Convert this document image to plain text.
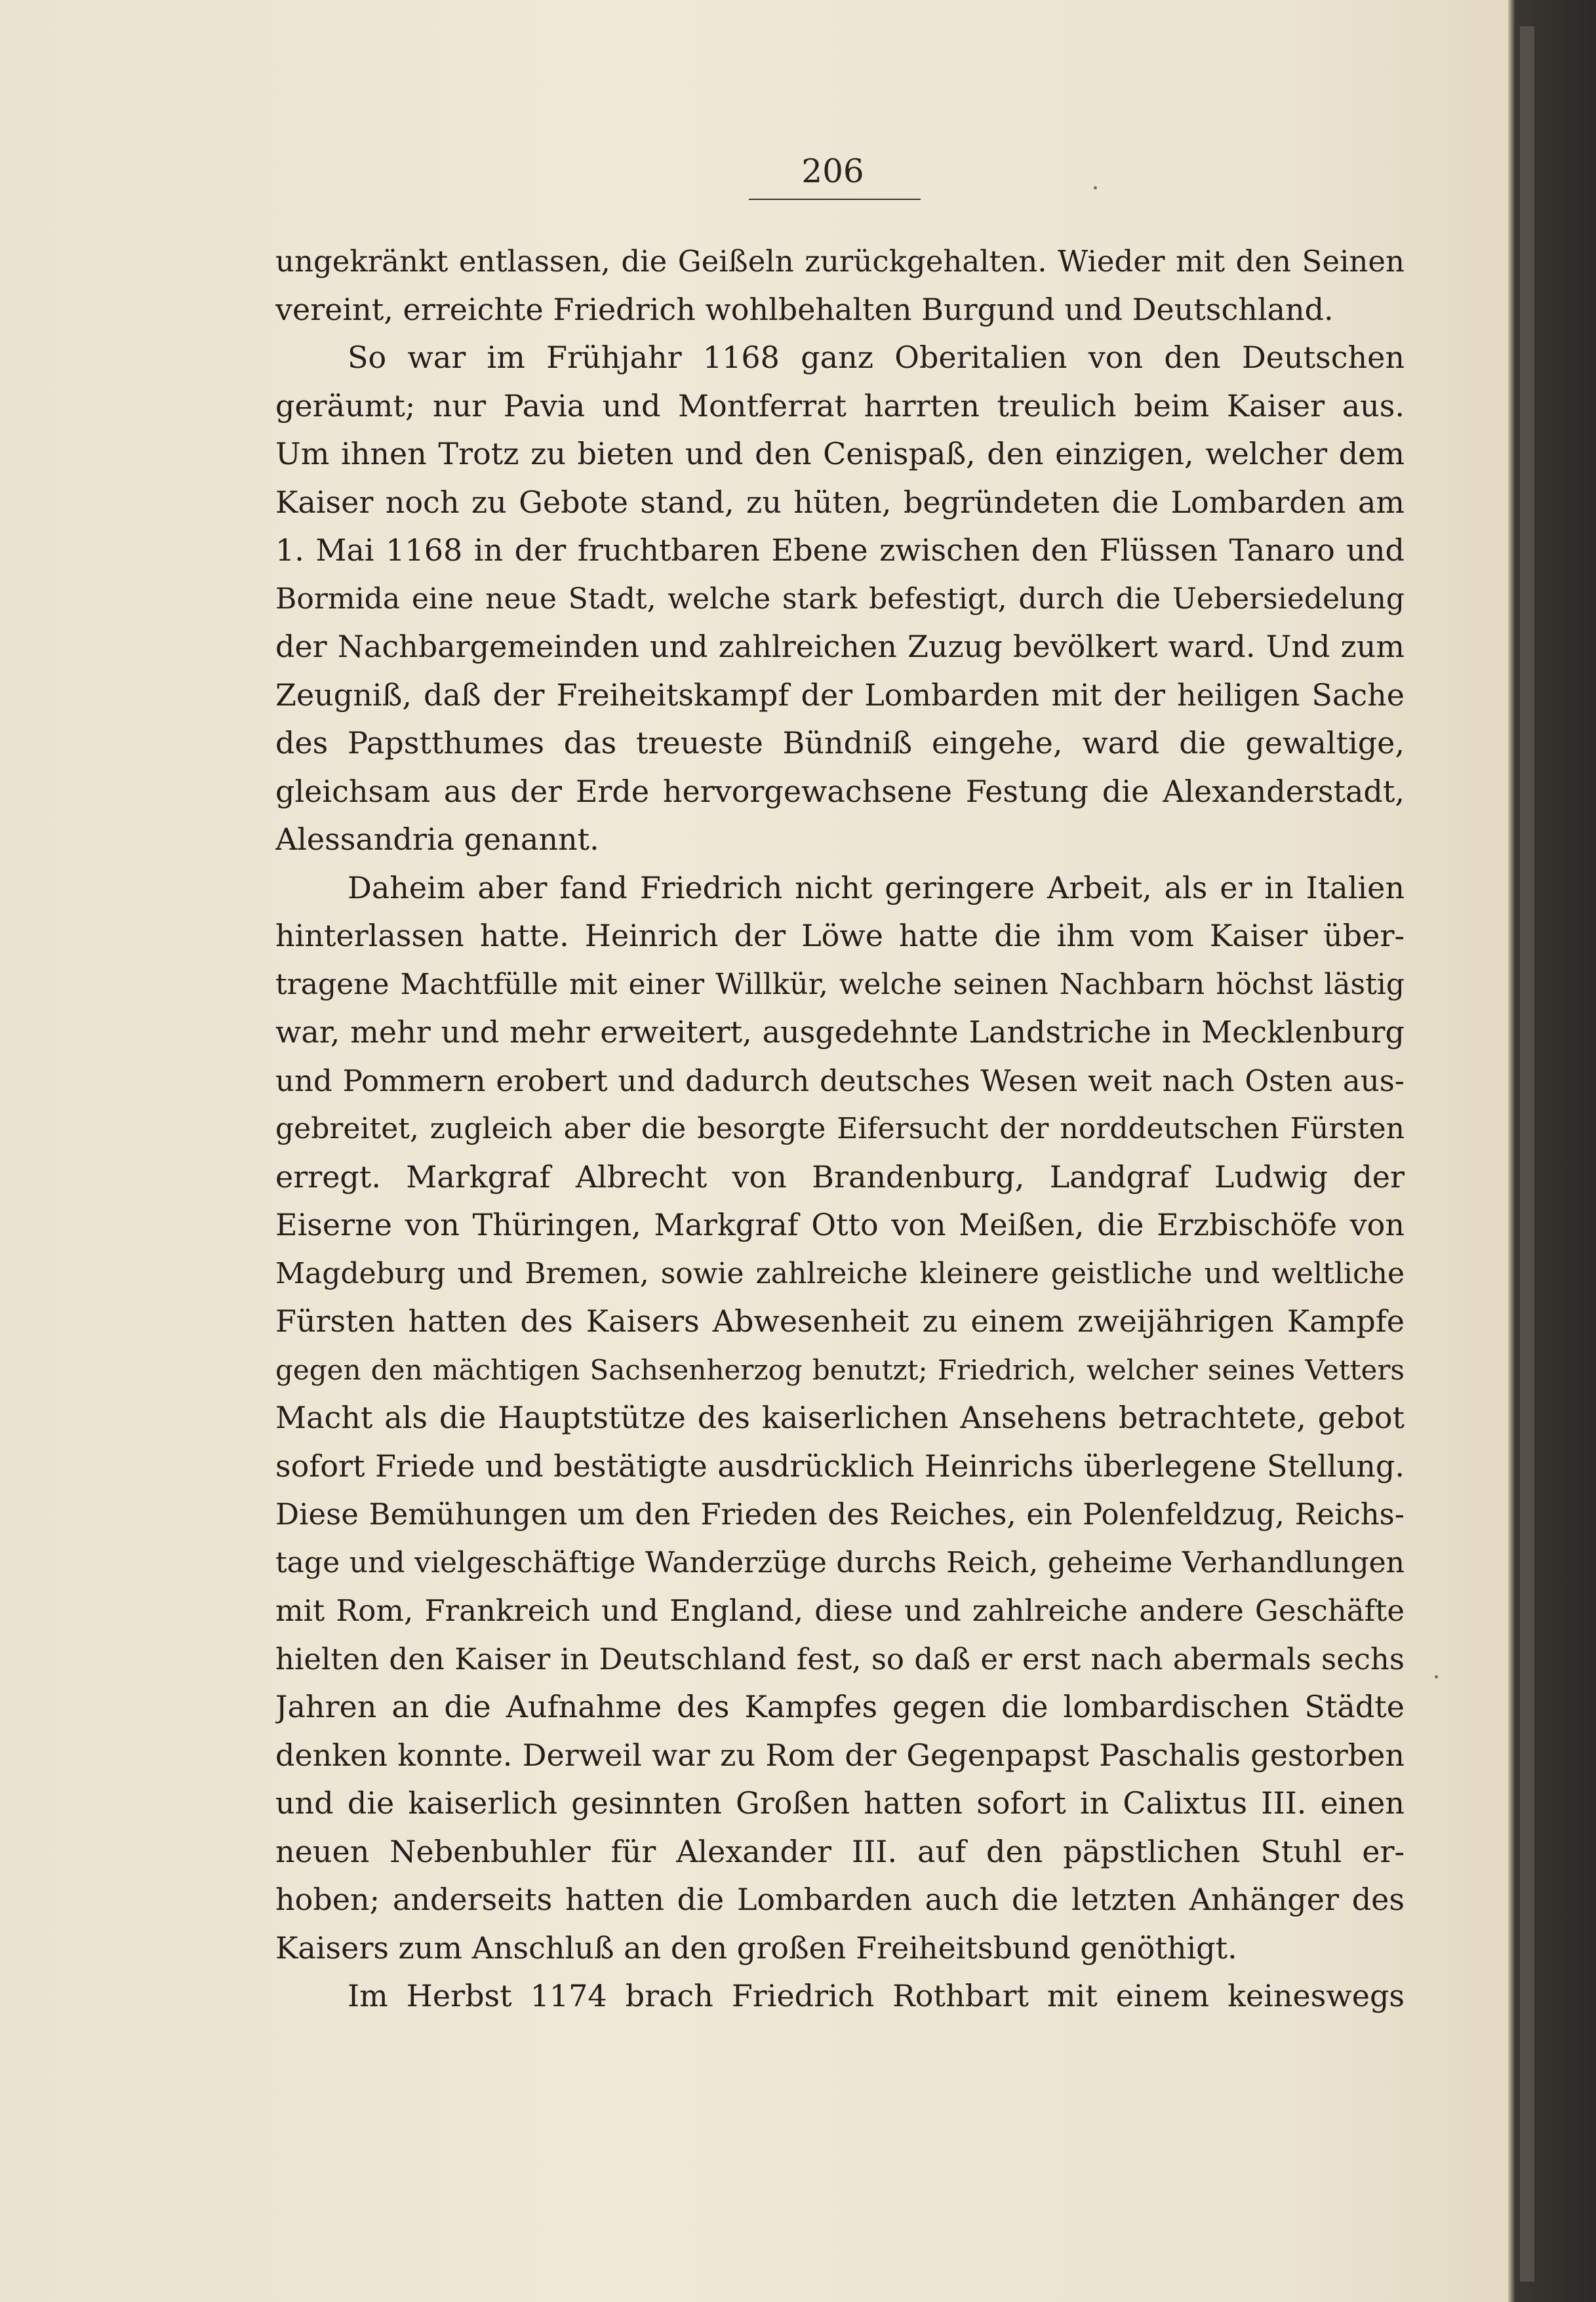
206
ungekränkt entlassen, die Geißeln zurückgehalten. Wieder mit den Seinen
vereint, erreichte Friedrich wohlbehalten Burgund und Deutschland.
So war im Frühjahr 1168 ganz Oberitalien von den Deutschen
geräumt; nur Pavia und Montferrat harrten treulich beim Kaiser aus.
Um ihnen Trotz zu bieten und den Cenispaß, den einzigen, welcher dem
Kaiser noch zu Gebote stand, zu hüten, begründeten die Lombarden am
1. Mai 1168 in der fruchtbaren Ebene zwischen den Flüssen Tanaro und
Bormida eine neue Stadt, welche stark befestigt, durch die Uebersiedelung
der Nachbargemeinden und zahlreichen Zuzug bevölkert ward. Und zum
Zeugniß, daß der Freiheitskampf der Lombarden mit der heiligen Sache
des Papstthumes das treueste Bündniß eingehe, ward die gewaltige,
gleichsam aus der Erde hervorgewachsene Festung die Alexanderstadt,
Alessandria genannt.
Daheim aber fand Friedrich nicht geringere Arbeit, als er in Italien
hinterlassen hatte. Heinrich der Löwe hatte die ihm vom Kaiser über-
tragene Machtfülle mit einer Willkür, welche seinen Nachbarn höchst lästig
war, mehr und mehr erweitert, ausgedehnte Landstriche in Mecklenburg
und Pommern erobert und dadurch deutsches Wesen weit nach Osten aus-
gebreitet, zugleich aber die besorgte Eifersucht der norddeutschen Fürsten
erregt. Markgraf Albrecht von Brandenburg, Landgraf Ludwig der
Eiserne von Thüringen, Markgraf Otto von Meißen, die Erzbischöfe von
Magdeburg und Bremen, sowie zahlreiche kleinere geistliche und weltliche
Fürsten hatten des Kaisers Abwesenheit zu einem zweijährigen Kampfe
gegen den mächtigen Sachsenherzog benutzt; Friedrich, welcher seines Vetters
Macht als die Hauptstütze des kaiserlichen Ansehens betrachtete, gebot
sofort Friede und bestätigte ausdrücklich Heinrichs überlegene Stellung.
Diese Bemühungen um den Frieden des Reiches, ein Polenfeldzug, Reichs-
tage und vielgeschäftige Wanderzüge durchs Reich, geheime Verhandlungen
mit Rom, Frankreich und England, diese und zahlreiche andere Geschäfte
hielten den Kaiser in Deutschland fest, so daß er erst nach abermals sechs
Jahren an die Aufnahme des Kampfes gegen die lombardischen Städte
denken konnte. Derweil war zu Rom der Gegenpapst Paschalis gestorben
und die kaiserlich gesinnten Großen hatten sofort in Calixtus III. einen
neuen Nebenbuhler für Alexander III. auf den päpstlichen Stuhl er-
hoben; anderseits hatten die Lombarden auch die letzten Anhänger des
Kaisers zum Anschluß an den großen Freiheitsbund genöthigt.
Im Herbst 1174 brach Friedrich Rothbart mit einem keineswegs
